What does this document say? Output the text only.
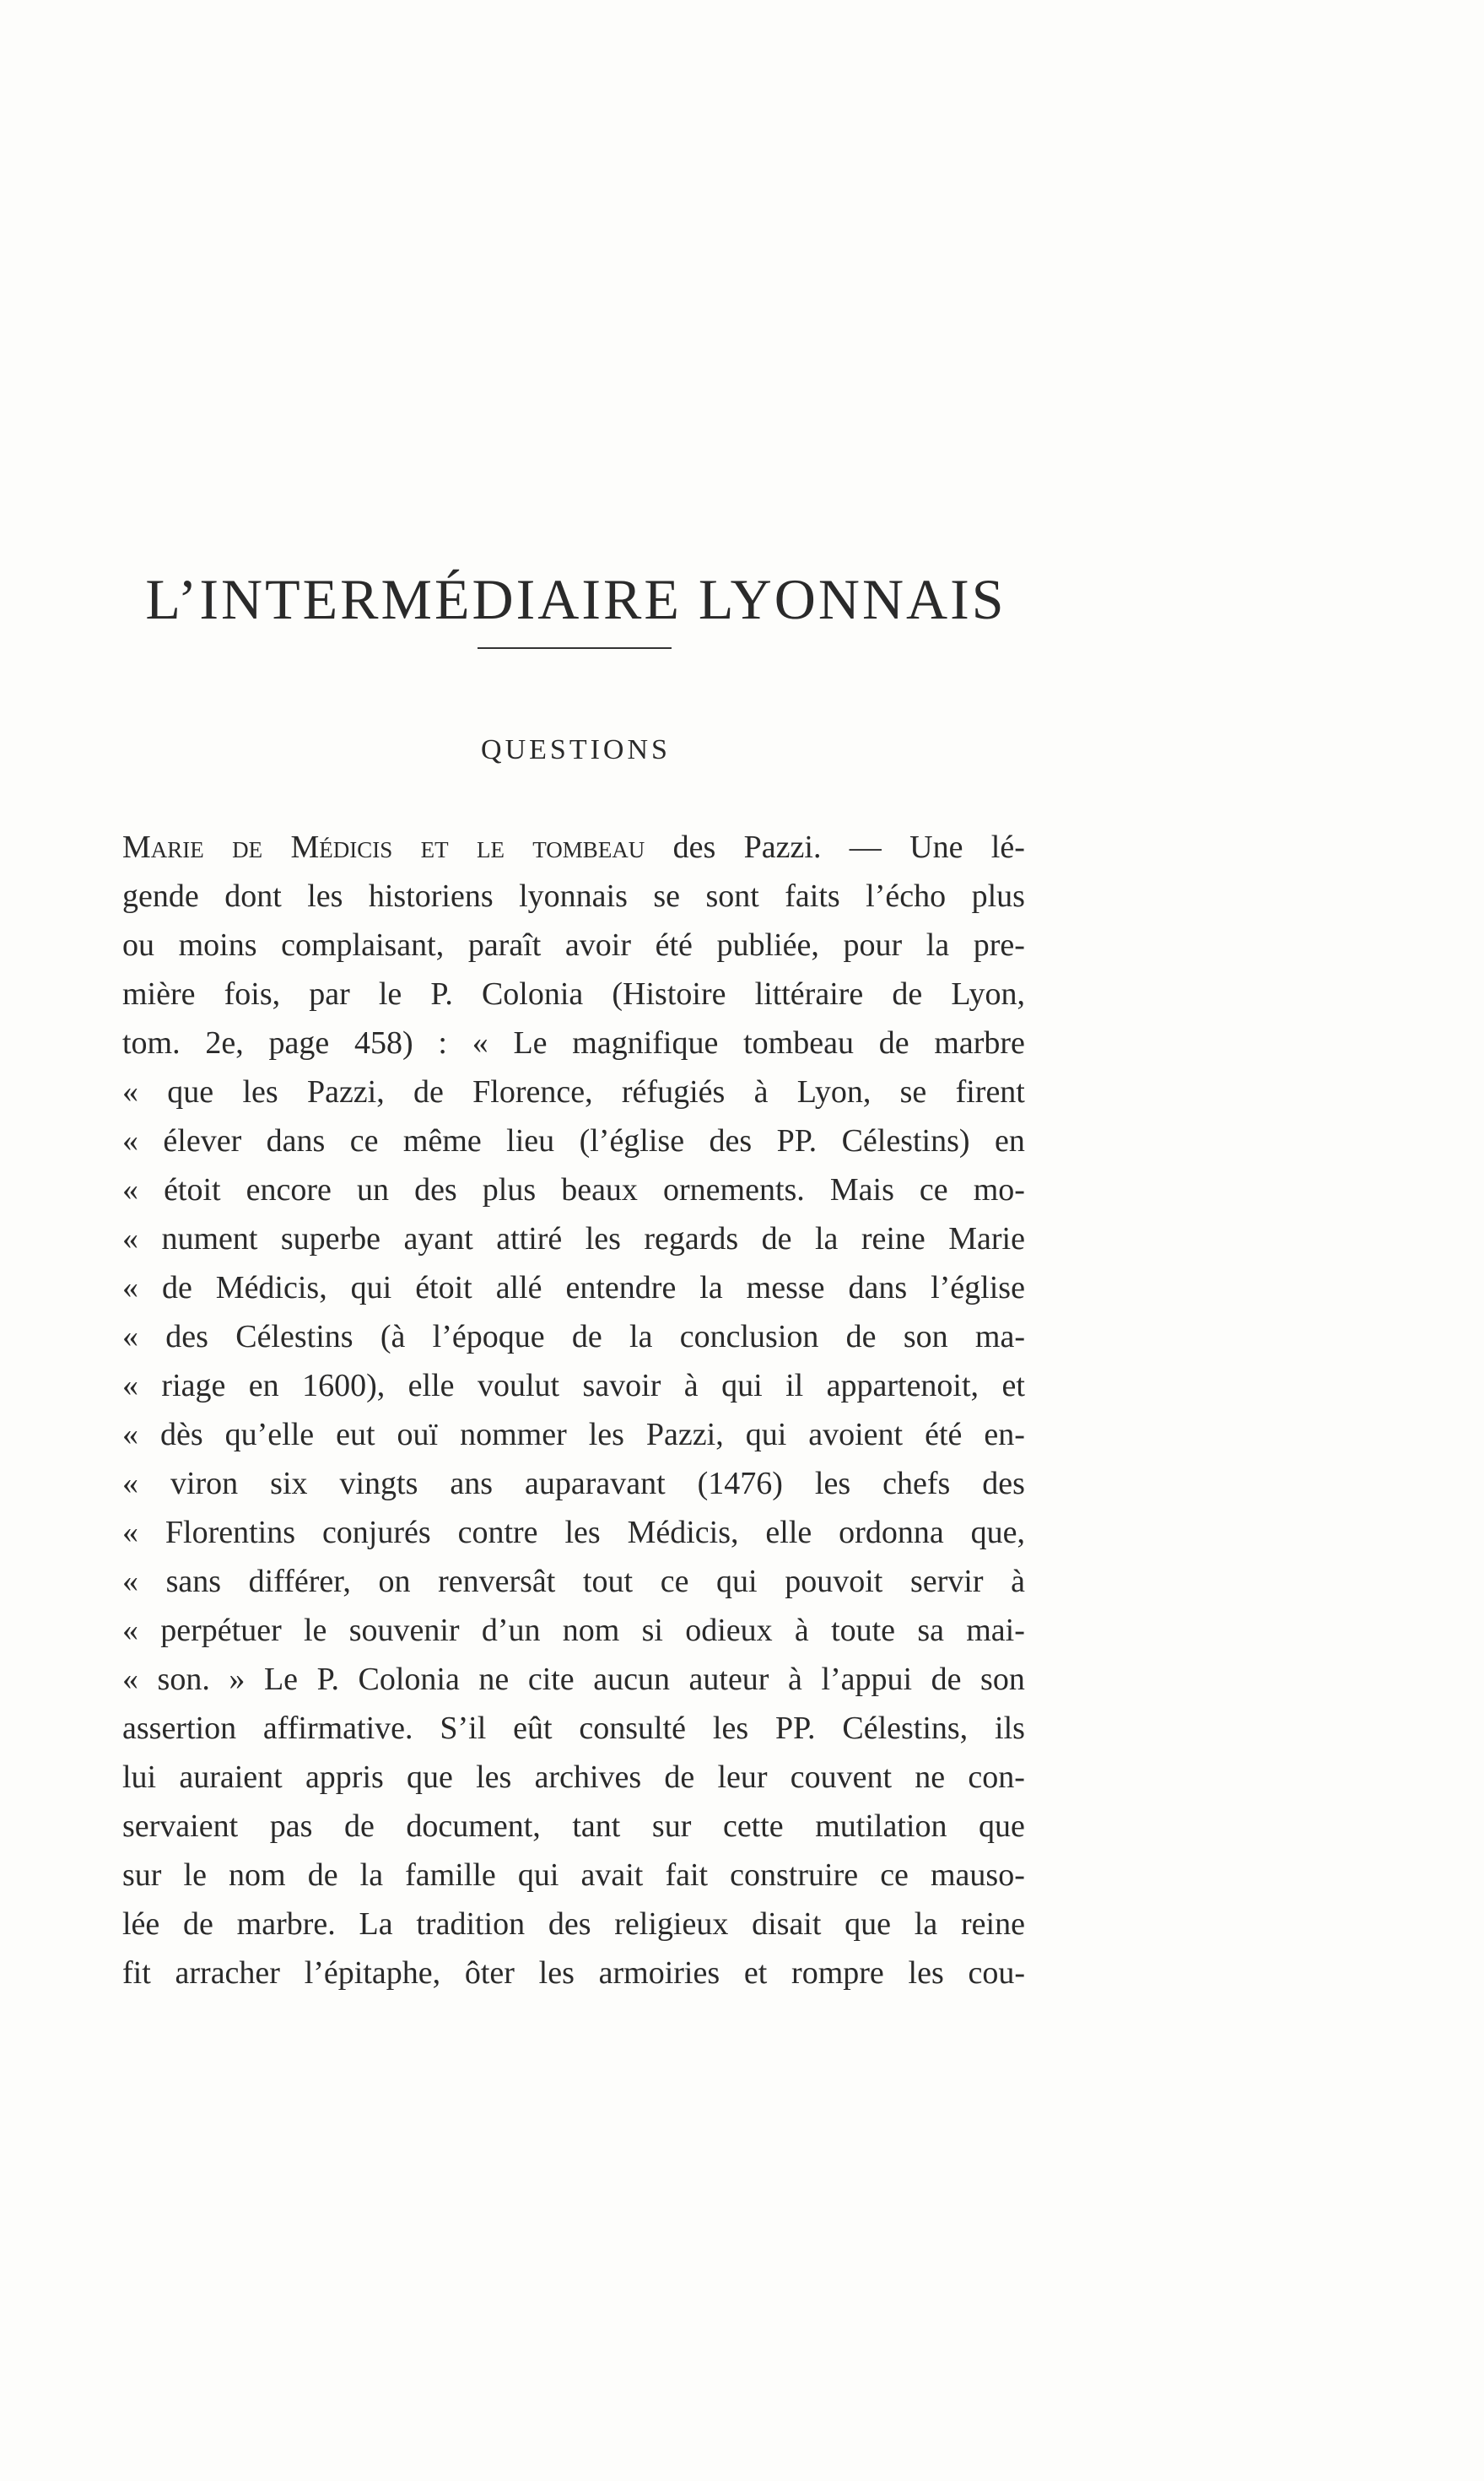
L’INTERMÉDIAIRE LYONNAIS
QUESTIONS
Marie de Médicis et le tombeau des Pazzi. — Une lé-
gende dont les historiens lyonnais se sont faits l’écho plus
ou moins complaisant, paraît avoir été publiée, pour la pre-
mière fois, par le P. Colonia (Histoire littéraire de Lyon,
tom. 2e, page 458) : « Le magnifique tombeau de marbre
« que les Pazzi, de Florence, réfugiés à Lyon, se firent
« élever dans ce même lieu (l’église des PP. Célestins) en
« étoit encore un des plus beaux ornements. Mais ce mo-
« nument superbe ayant attiré les regards de la reine Marie
« de Médicis, qui étoit allé entendre la messe dans l’église
« des Célestins (à l’époque de la conclusion de son ma-
« riage en 1600), elle voulut savoir à qui il appartenoit, et
« dès qu’elle eut ouï nommer les Pazzi, qui avoient été en-
« viron six vingts ans auparavant (1476) les chefs des
« Florentins conjurés contre les Médicis, elle ordonna que,
« sans différer, on renversât tout ce qui pouvoit servir à
« perpétuer le souvenir d’un nom si odieux à toute sa mai-
« son. » Le P. Colonia ne cite aucun auteur à l’appui de son
assertion affirmative. S’il eût consulté les PP. Célestins, ils
lui auraient appris que les archives de leur couvent ne con-
servaient pas de document, tant sur cette mutilation que
sur le nom de la famille qui avait fait construire ce mauso-
lée de marbre. La tradition des religieux disait que la reine
fit arracher l’épitaphe, ôter les armoiries et rompre les cou-
